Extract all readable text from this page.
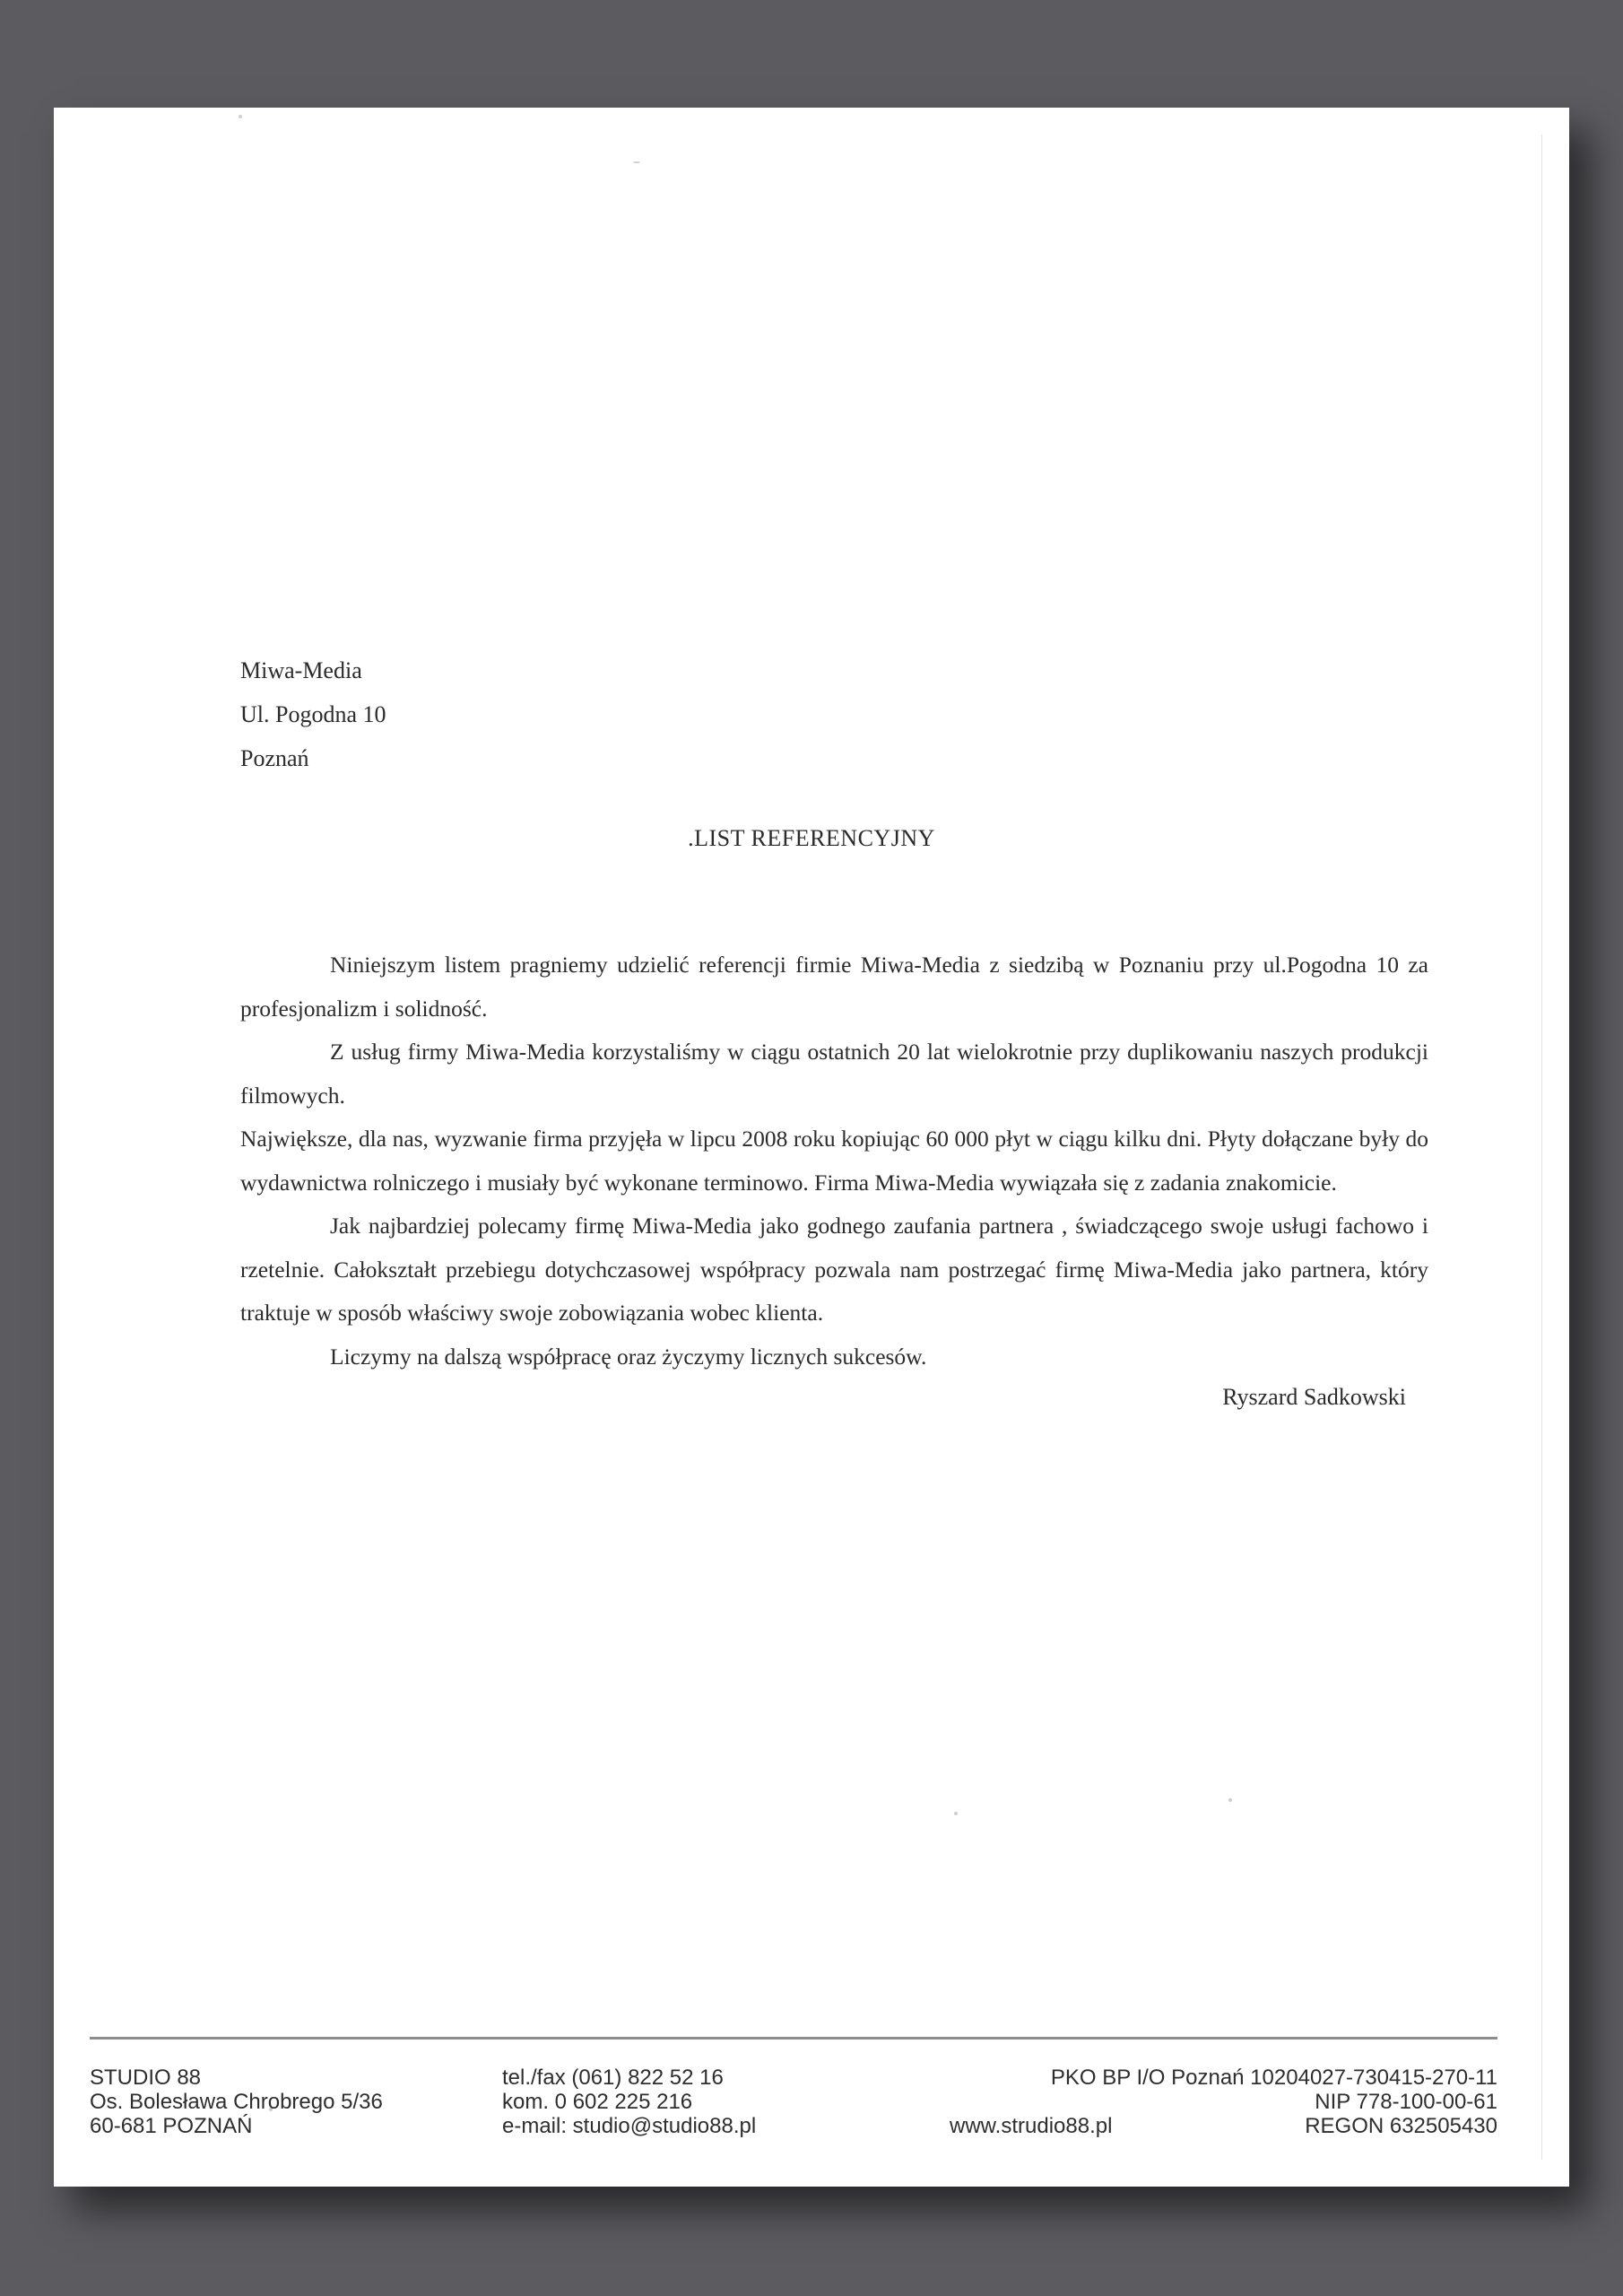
Miwa-Media
Ul. Pogodna 10
Poznań
.LIST REFERENCYJNY

Niniejszym listem pragniemy udzielić referencji firmie Miwa-Media z siedzibą w Poznaniu przy ul.Pogodna 10 za profesjonalizm i solidność.

Z usług firmy Miwa-Media korzystaliśmy w ciągu ostatnich 20 lat wielokrotnie przy duplikowaniu naszych produkcji filmowych.

Największe, dla nas, wyzwanie firma przyjęła w lipcu 2008 roku kopiując 60 000 płyt w ciągu kilku dni. Płyty dołączane były do wydawnictwa rolniczego i musiały być wykonane terminowo. Firma Miwa-Media wywiązała się z zadania znakomicie.

Jak najbardziej polecamy firmę Miwa-Media jako godnego zaufania partnera , świadczącego swoje usługi fachowo i rzetelnie. Całokształt przebiegu dotychczasowej współpracy pozwala nam postrzegać firmę Miwa-Media jako partnera, który traktuje w sposób właściwy swoje zobowiązania wobec klienta.

Liczymy na dalszą współpracę oraz życzymy licznych sukcesów.

Ryszard Sadkowski
STUDIO 88
Os. Bolesława Chrobrego 5/36
60-681 POZNAŃ
tel./fax (061) 822 52 16
kom. 0 602 225 216
e-mail: studio@studio88.pl	www.strudio88.pl
PKO BP I/O Poznań 10204027-730415-270-11
NIP 778-100-00-61
REGON 632505430
